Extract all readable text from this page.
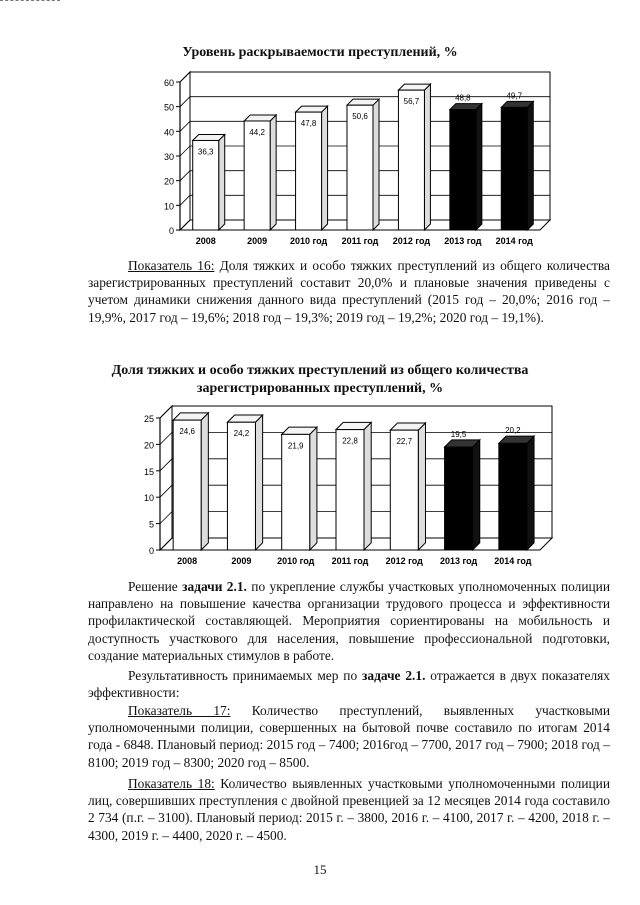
Уровень раскрываемости преступлений, %
0
10
20
30
40
50
60
36,3
2008
44,2
2009
47,8
2010 год
50,6
2011 год
56,7
2012 год
48,8
2013 год
49,7
2014 год
Показатель 16: Доля тяжких и особо тяжких преступлений из общего количества зарегистрированных преступлений составит 20,0% и плановые значения приведены с учетом динамики снижения данного вида преступлений (2015 год – 20,0%; 2016 год – 19,9%, 2017 год – 19,6%; 2018 год – 19,3%; 2019 год – 19,2%; 2020 год – 19,1%).
Доля тяжких и особо тяжких преступлений из общего количества
зарегистрированных преступлений, %
0
5
10
15
20
25
24,6
2008
24,2
2009
21,9
2010 год
22,8
2011 год
22,7
2012 год
19,5
2013 год
20,2
2014 год
Решение задачи 2.1. по укрепление службы участковых уполномоченных полиции направлено на повышение качества организации трудового процесса и эффективности профилактической составляющей. Мероприятия сориентированы на мобильность и доступность участкового для населения, повышение профессиональной подготовки, создание материальных стимулов в работе.
Результативность принимаемых мер по задаче 2.1. отражается в двух показателях эффективности:
Показатель 17: Количество преступлений, выявленных участковыми уполномоченными полиции, совершенных на бытовой почве составило по итогам 2014 года - 6848. Плановый период: 2015 год – 7400; 2016год – 7700, 2017 год – 7900; 2018 год – 8100; 2019 год – 8300; 2020 год – 8500.
Показатель 18: Количество выявленных участковыми уполномоченными полиции лиц, совершивших преступления с двойной превенцией за 12 месяцев 2014 года составило 2 734 (п.г. – 3100). Плановый период: 2015 г. – 3800, 2016 г. – 4100, 2017 г. – 4200, 2018 г. – 4300, 2019 г. – 4400, 2020 г. – 4500.
15
